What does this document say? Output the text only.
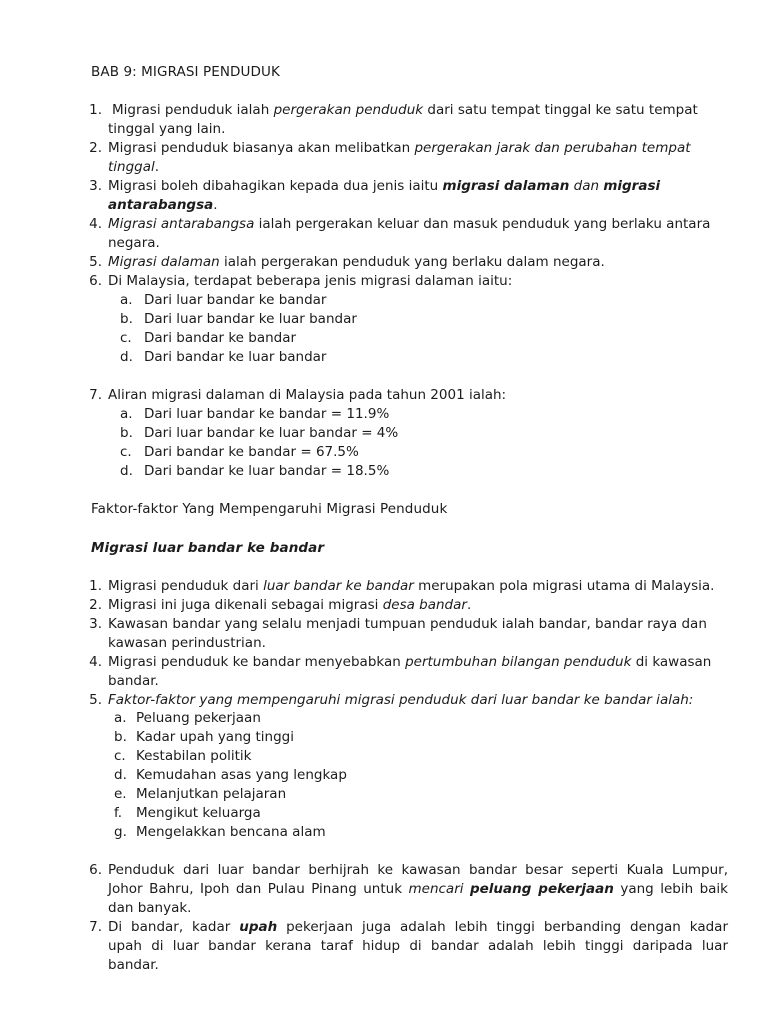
BAB 9: MIGRASI PENDUDUK
1. Migrasi penduduk ialah pergerakan penduduk dari satu tempat tinggal ke satu tempat
tinggal yang lain.
2. Migrasi penduduk biasanya akan melibatkan pergerakan jarak dan perubahan tempat
tinggal.
3. Migrasi boleh dibahagikan kepada dua jenis iaitu migrasi dalaman dan migrasi
antarabangsa.
4. Migrasi antarabangsa ialah pergerakan keluar dan masuk penduduk yang berlaku antara
negara.
5. Migrasi dalaman ialah pergerakan penduduk yang berlaku dalam negara.
6. Di Malaysia, terdapat beberapa jenis migrasi dalaman iaitu:
a. Dari luar bandar ke bandar
b. Dari luar bandar ke luar bandar
c. Dari bandar ke bandar
d. Dari bandar ke luar bandar
7. Aliran migrasi dalaman di Malaysia pada tahun 2001 ialah:
a. Dari luar bandar ke bandar = 11.9%
b. Dari luar bandar ke luar bandar = 4%
c. Dari bandar ke bandar = 67.5%
d. Dari bandar ke luar bandar = 18.5%
Faktor-faktor Yang Mempengaruhi Migrasi Penduduk
Migrasi luar bandar ke bandar
1. Migrasi penduduk dari luar bandar ke bandar merupakan pola migrasi utama di Malaysia.
2. Migrasi ini juga dikenali sebagai migrasi desa bandar.
3. Kawasan bandar yang selalu menjadi tumpuan penduduk ialah bandar, bandar raya dan
kawasan perindustrian.
4. Migrasi penduduk ke bandar menyebabkan pertumbuhan bilangan penduduk di kawasan
bandar.
5. Faktor-faktor yang mempengaruhi migrasi penduduk dari luar bandar ke bandar ialah:
a. Peluang pekerjaan
b. Kadar upah yang tinggi
c. Kestabilan politik
d. Kemudahan asas yang lengkap
e. Melanjutkan pelajaran
f. Mengikut keluarga
g. Mengelakkan bencana alam
6. Penduduk dari luar bandar berhijrah ke kawasan bandar besar seperti Kuala Lumpur,
Johor Bahru, Ipoh dan Pulau Pinang untuk mencari peluang pekerjaan yang lebih baik
dan banyak.
7. Di bandar, kadar upah pekerjaan juga adalah lebih tinggi berbanding dengan kadar
upah di luar bandar kerana taraf hidup di bandar adalah lebih tinggi daripada luar
bandar.
